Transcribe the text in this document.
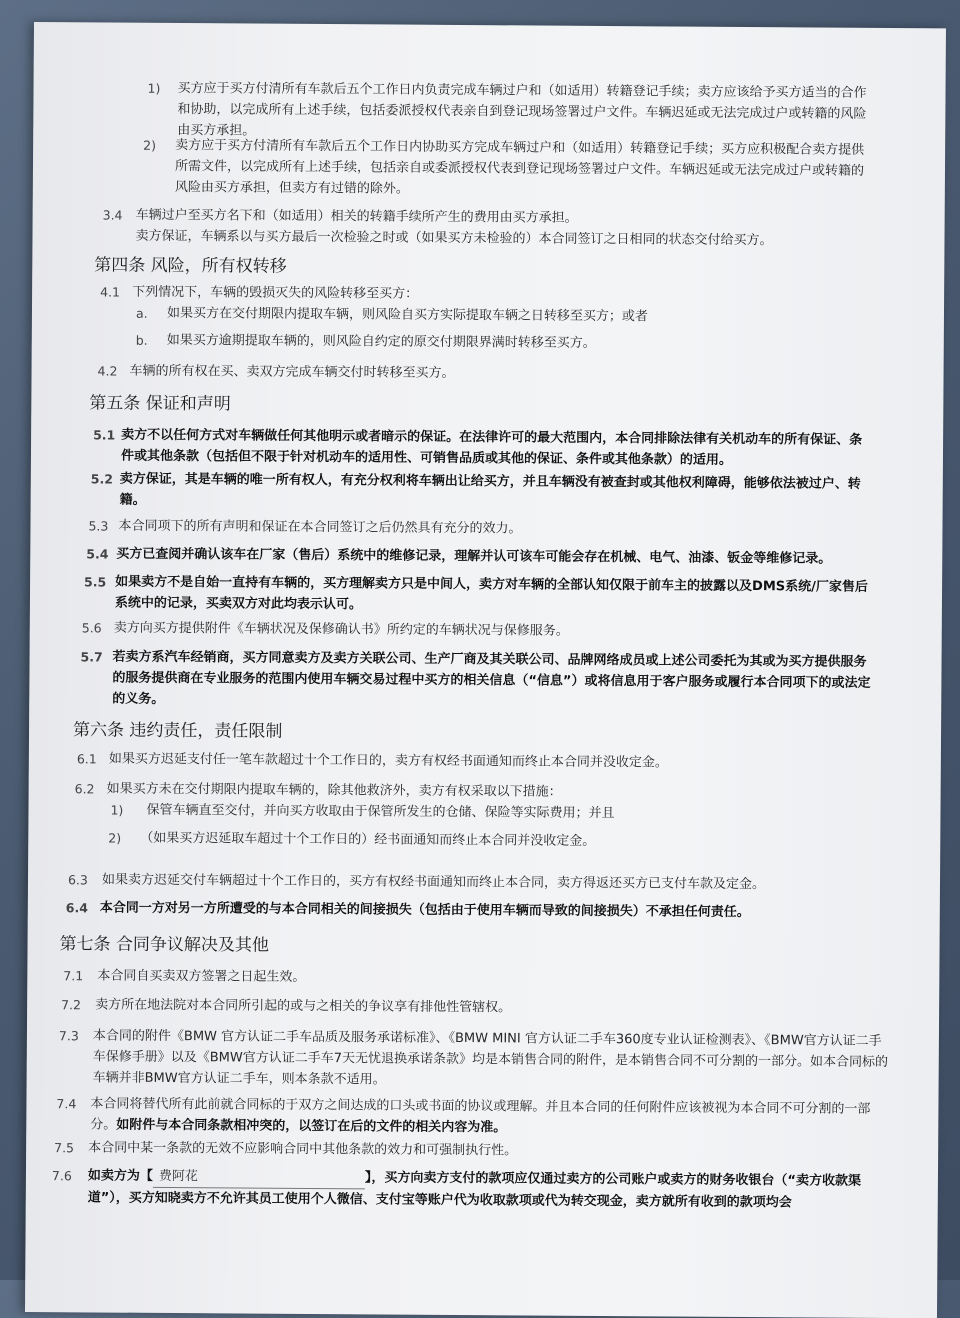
1) 买方应于买方付清所有车款后五个工作日内负责完成车辆过户和（如适用）转籍登记手续；卖方应该给予买方适当的合作和协助，以完成所有上述手续，包括委派授权代表亲自到登记现场签署过户文件。车辆迟延或无法完成过户或转籍的风险由买方承担。
2) 卖方应于买方付清所有车款后五个工作日内协助买方完成车辆过户和（如适用）转籍登记手续；买方应积极配合卖方提供所需文件，以完成所有上述手续，包括亲自或委派授权代表到登记现场签署过户文件。车辆迟延或无法完成过户或转籍的风险由买方承担，但卖方有过错的除外。
3.4 车辆过户至买方名下和（如适用）相关的转籍手续所产生的费用由买方承担。
卖方保证，车辆系以与买方最后一次检验之时或（如果买方未检验的）本合同签订之日相同的状态交付给买方。
第四条 风险，所有权转移
4.1 下列情况下，车辆的毁损灭失的风险转移至买方：
a. 如果买方在交付期限内提取车辆，则风险自买方实际提取车辆之日转移至买方；或者
b. 如果买方逾期提取车辆的，则风险自约定的原交付期限界满时转移至买方。
4.2 车辆的所有权在买、卖双方完成车辆交付时转移至买方。
第五条 保证和声明
5.1 卖方不以任何方式对车辆做任何其他明示或者暗示的保证。在法律许可的最大范围内，本合同排除法律有关机动车的所有保证、条件或其他条款（包括但不限于针对机动车的适用性、可销售品质或其他的保证、条件或其他条款）的适用。
5.2 卖方保证，其是车辆的唯一所有权人，有充分权利将车辆出让给买方，并且车辆没有被查封或其他权利障碍，能够依法被过户、转籍。
5.3 本合同项下的所有声明和保证在本合同签订之后仍然具有充分的效力。
5.4 买方已查阅并确认该车在厂家（售后）系统中的维修记录，理解并认可该车可能会存在机械、电气、油漆、钣金等维修记录。
5.5 如果卖方不是自始一直持有车辆的，买方理解卖方只是中间人，卖方对车辆的全部认知仅限于前车主的披露以及DMS系统/厂家售后系统中的记录，买卖双方对此均表示认可。
5.6 卖方向买方提供附件《车辆状况及保修确认书》所约定的车辆状况与保修服务。
5.7 若卖方系汽车经销商，买方同意卖方及卖方关联公司、生产厂商及其关联公司、品牌网络成员或上述公司委托为其或为买方提供服务的服务提供商在专业服务的范围内使用车辆交易过程中买方的相关信息（“信息”）或将信息用于客户服务或履行本合同项下的或法定的义务。
第六条 违约责任，责任限制
6.1 如果买方迟延支付任一笔车款超过十个工作日的，卖方有权经书面通知而终止本合同并没收定金。
6.2 如果买方未在交付期限内提取车辆的，除其他救济外，卖方有权采取以下措施：
1) 保管车辆直至交付，并向买方收取由于保管所发生的仓储、保险等实际费用；并且
2) （如果买方迟延取车超过十个工作日的）经书面通知而终止本合同并没收定金。
6.3 如果卖方迟延交付车辆超过十个工作日的，买方有权经书面通知而终止本合同，卖方得返还买方已支付车款及定金。
6.4 本合同一方对另一方所遭受的与本合同相关的间接损失（包括由于使用车辆而导致的间接损失）不承担任何责任。
第七条 合同争议解决及其他
7.1 本合同自买卖双方签署之日起生效。
7.2 卖方所在地法院对本合同所引起的或与之相关的争议享有排他性管辖权。
7.3 本合同的附件《BMW 官方认证二手车品质及服务承诺标准》、《BMW MINI 官方认证二手车360度专业认证检测表》、《BMW官方认证二手车保修手册》以及《BMW官方认证二手车7天无忧退换承诺条款》均是本销售合同的附件，是本销售合同不可分割的一部分。如本合同标的车辆并非BMW官方认证二手车，则本条款不适用。
7.4 本合同将替代所有此前就合同标的于双方之间达成的口头或书面的协议或理解。并且本合同的任何附件应该被视为本合同不可分割的一部分。如附件与本合同条款相冲突的，以签订在后的文件的相关内容为准。
7.5 本合同中某一条款的无效不应影响合同中其他条款的效力和可强制执行性。
7.6 如卖方为【 费阿花	】，买方向卖方支付的款项应仅通过卖方的公司账户或卖方的财务收银台（“卖方收款渠道”），买方知晓卖方不允许其员工使用个人微信、支付宝等账户代为收取款项或代为转交现金，卖方就所有收到的款项均会
